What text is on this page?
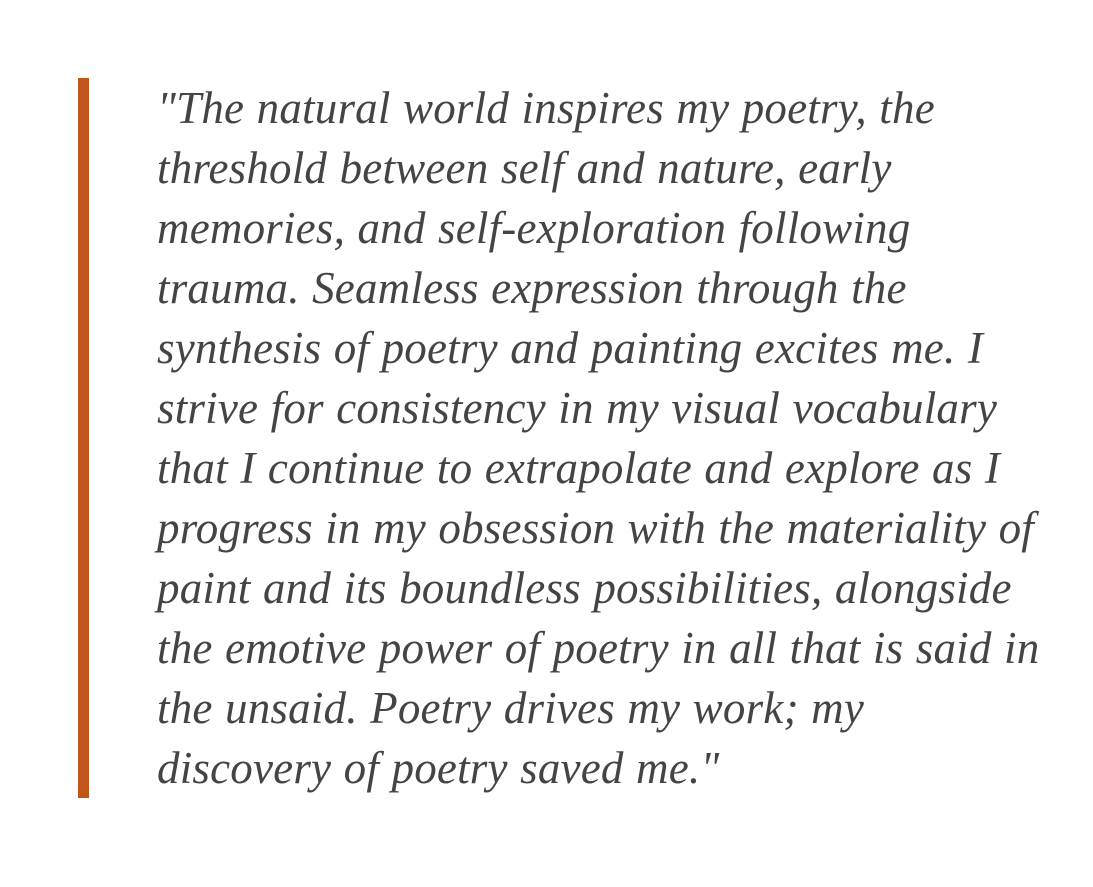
"The natural world inspires my poetry, the threshold between self and nature, early memories, and self-exploration following trauma. Seamless expression through the synthesis of poetry and painting excites me. I strive for consistency in my visual vocabulary that I continue to extrapolate and explore as I progress in my obsession with the materiality of paint and its boundless possibilities, alongside the emotive power of poetry in all that is said in the unsaid. Poetry drives my work; my discovery of poetry saved me."
